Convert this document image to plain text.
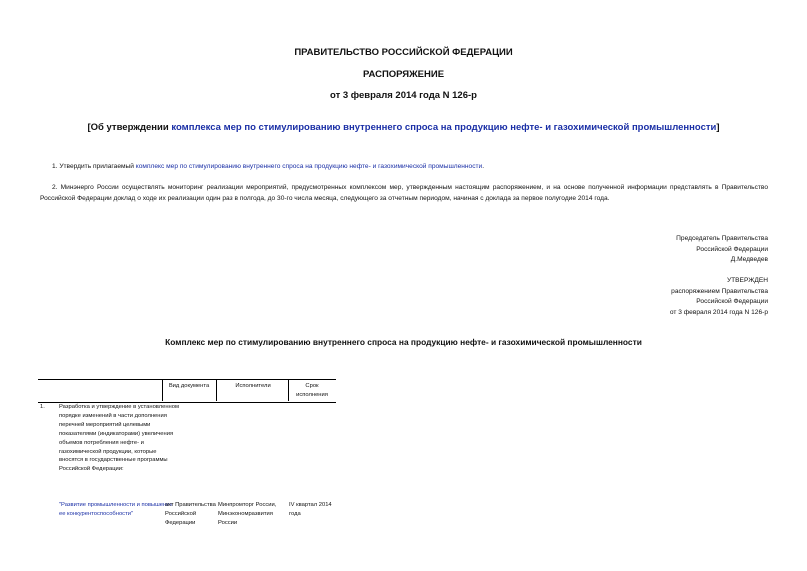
ПРАВИТЕЛЬСТВО РОССИЙСКОЙ ФЕДЕРАЦИИ
РАСПОРЯЖЕНИЕ
от 3 февраля 2014 года N 126-р
[Об утверждении комплекса мер по стимулированию внутреннего спроса на продукцию нефте- и газохимической промышленности]
1. Утвердить прилагаемый комплекс мер по стимулированию внутреннего спроса на продукцию нефте- и газохимической промышленности.
2. Минэнерго России осуществлять мониторинг реализации мероприятий, предусмотренных комплексом мер, утвержденным настоящим распоряжением, и на основе полученной информации представлять в Правительство Российской Федерации доклад о ходе их реализации один раз в полгода, до 30-го числа месяца, следующего за отчетным периодом, начиная с доклада за первое полугодие 2014 года.
Председатель Правительства
Российской Федерации
Д.Медведев
УТВЕРЖДЕН
распоряжением Правительства
Российской Федерации
от 3 февраля 2014 года N 126-р
Комплекс мер по стимулированию внутреннего спроса на продукцию нефте- и газохимической промышленности
Вид документа	Исполнители	Срок исполнения
1. Разработка и утверждение в установленном порядке изменений в части дополнения перечней мероприятий целевыми показателями (индикаторами) увеличения объемов потребления нефте- и газохимической продукции, которые вносятся в государственные программы Российской Федерации:
"Развитие промышленности и повышение ее конкурентоспособности"
акт Правительства Российской Федерации
Минпромторг России, Минэкономразвития России
IV квартал 2014 года
